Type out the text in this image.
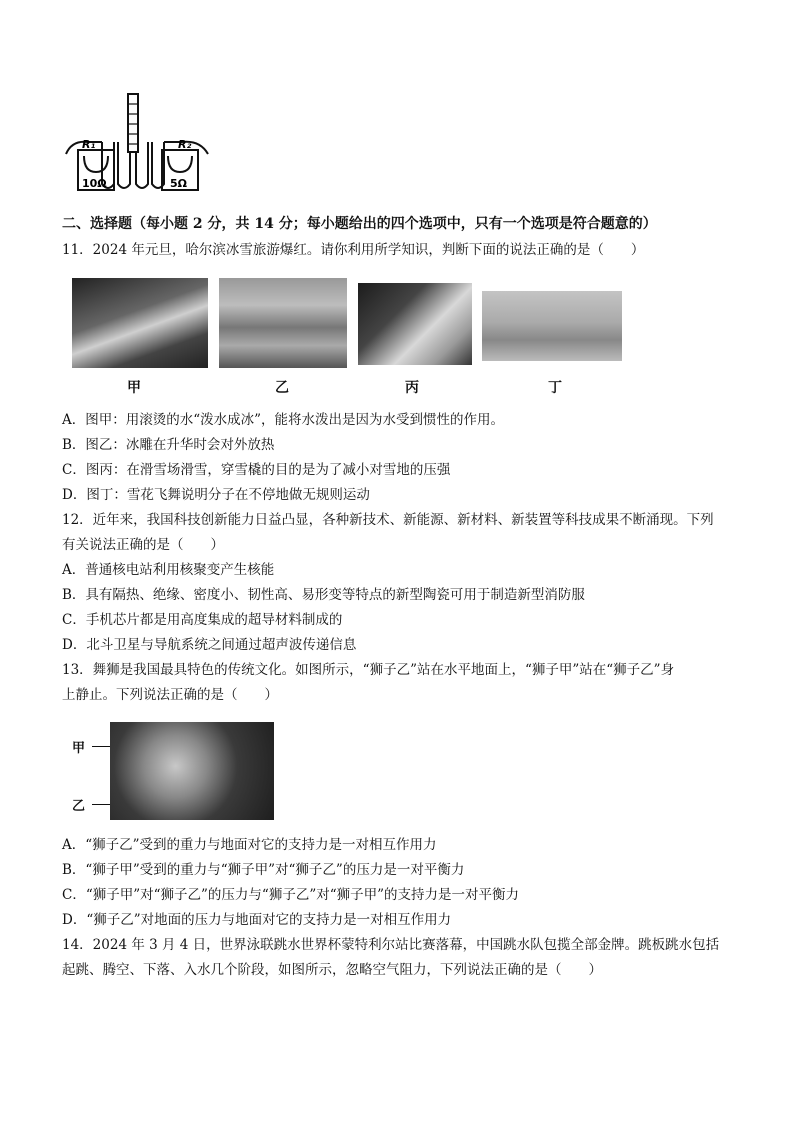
R₁	R₂
10Ω	5Ω
二、选择题（每小题 2 分，共 14 分；每小题给出的四个选项中，只有一个选项是符合题意的）
11．2024 年元旦，哈尔滨冰雪旅游爆红。请你利用所学知识，判断下面的说法正确的是（　　）
甲	乙	丙	丁
A．图甲：用滚烫的水“泼水成冰”，能将水泼出是因为水受到惯性的作用。
B．图乙：冰雕在升华时会对外放热
C．图丙：在滑雪场滑雪，穿雪橇的目的是为了减小对雪地的压强
D．图丁：雪花飞舞说明分子在不停地做无规则运动
12．近年来，我国科技创新能力日益凸显，各种新技术、新能源、新材料、新装置等科技成果不断涌现。下列
有关说法正确的是（　　）
A．普通核电站利用核聚变产生核能
B．具有隔热、绝缘、密度小、韧性高、易形变等特点的新型陶瓷可用于制造新型消防服
C．手机芯片都是用高度集成的超导材料制成的
D．北斗卫星与导航系统之间通过超声波传递信息
13．舞狮是我国最具特色的传统文化。如图所示，“狮子乙”站在水平地面上，“狮子甲”站在“狮子乙”身
上静止。下列说法正确的是（　　）
甲
乙
A．“狮子乙”受到的重力与地面对它的支持力是一对相互作用力
B．“狮子甲”受到的重力与“狮子甲”对“狮子乙”的压力是一对平衡力
C．“狮子甲”对“狮子乙”的压力与“狮子乙”对“狮子甲”的支持力是一对平衡力
D．“狮子乙”对地面的压力与地面对它的支持力是一对相互作用力
14．2024 年 3 月 4 日，世界泳联跳水世界杯蒙特利尔站比赛落幕，中国跳水队包揽全部金牌。跳板跳水包括
起跳、腾空、下落、入水几个阶段，如图所示，忽略空气阻力，下列说法正确的是（　　）
